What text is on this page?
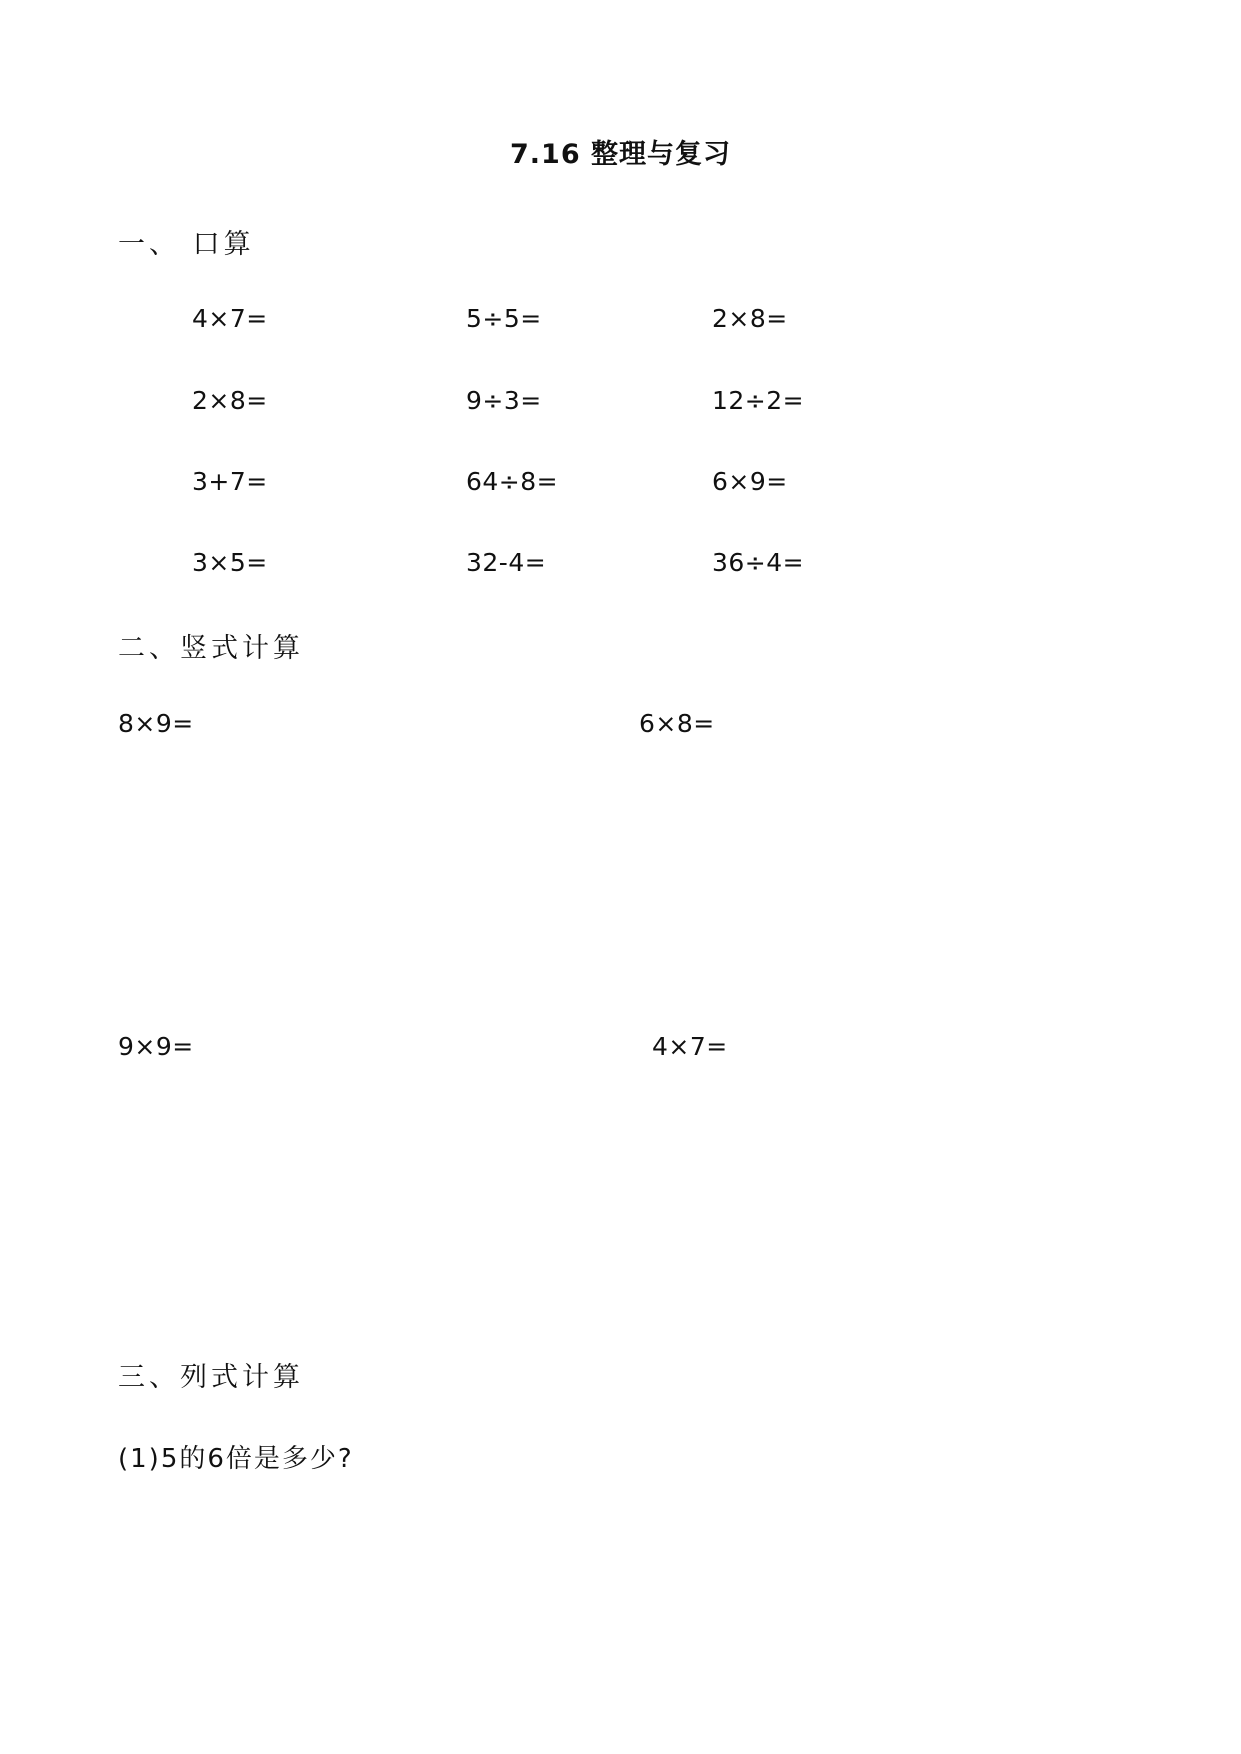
7.16 整理与复习
一、 口算
4×7=	5÷5=	2×8=
2×8=	9÷3=	12÷2=
3+7=	64÷8=	6×9=
3×5=	32-4=	36÷4=
二、竖式计算
8×9=	6×8=
9×9=	4×7=
三、列式计算
(1)5的6倍是多少?
